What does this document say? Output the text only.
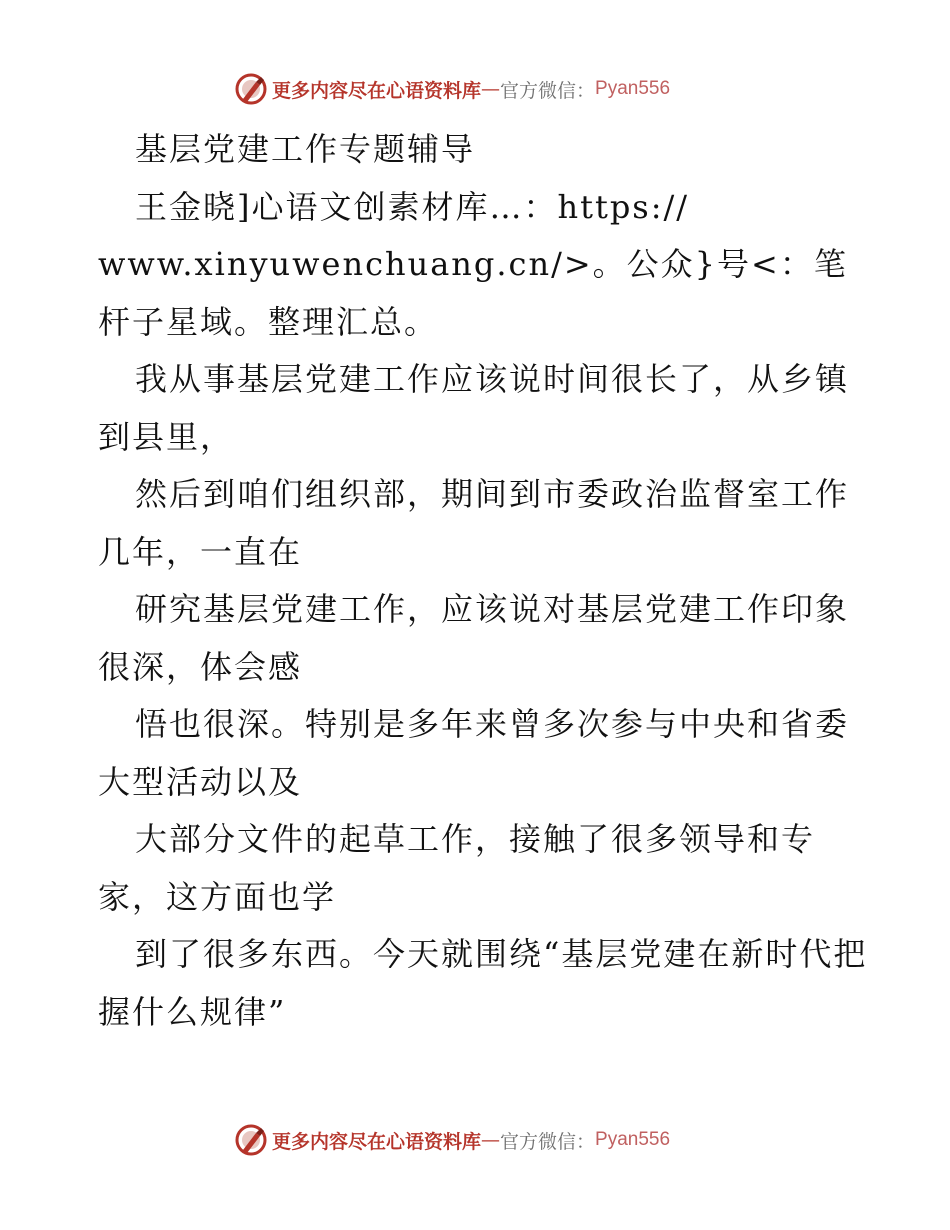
更多内容尽在心语资料库 — 官方微信： Pyan556
基层党建工作专题辅导
王金晓]心语文创素材库…：https://
www.xinyuwenchuang.cn/>。公众}号<：笔杆子星域。整理汇总。
我从事基层党建工作应该说时间很长了，从乡镇到县里，
然后到咱们组织部，期间到市委政治监督室工作几年，一直在
研究基层党建工作，应该说对基层党建工作印象很深，体会感
悟也很深。特别是多年来曾多次参与中央和省委大型活动以及
大部分文件的起草工作，接触了很多领导和专家，这方面也学
到了很多东西。今天就围绕“基层党建在新时代把握什么规律”
更多内容尽在心语资料库 — 官方微信： Pyan556
